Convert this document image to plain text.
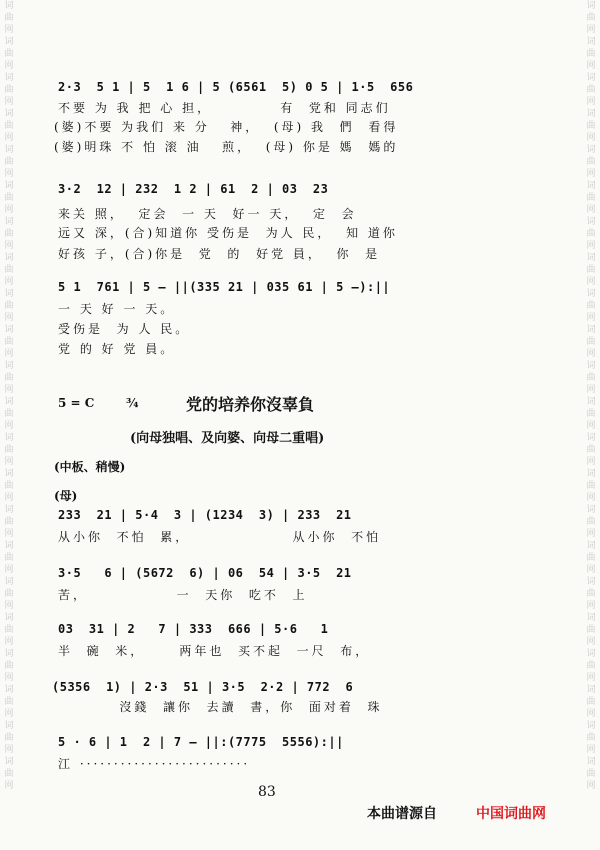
词
曲
网
词
曲
网
词
曲
网
词
曲
网
词
曲
网
词
曲
网
词
曲
网
词
曲
网
词
曲
网
词
曲
网
词
曲
网
词
曲
网
词
曲
网
词
曲
网
词
曲
网
词
曲
网
词
曲
网
词
曲
网
词
曲
网
词
曲
网
词
曲
网
词
曲
网
词
曲
网
词
曲
网
词
曲
网
词
曲
网
词
曲
网
词
曲
网
词
曲
网
词
曲
网
词
曲
网
词
曲
网
词
曲
网
词
曲
网
词
曲
网
词
曲
网
词
曲
网
词
曲
网
词
曲
网
词
曲
网
词
曲
网
词
曲
网
词
曲
网
词
曲
网
2·3  5 1 | 5  1 6 | 5 (6561  5) 0 5 | 1·5  656
不要 为 我 把 心 担，          有  党和 同志们
(婆)不要 为我们 来 分   神，  (母) 我  們  看得
(婆)明珠 不 怕 滚 油   煎，  (母) 你是 媽  媽的
3·2  12 | 232  1 2 | 61  2 | 03  23
来关 照，  定会  一 天  好一 天，  定  会
远又 深，(合)知道你 受伤是  为人 民，  知 道你
好孩 子，(合)你是  党  的  好党 員，  你  是
5 1  761 | 5 — ||(335 21 | 035 61 | 5 —):||
一 天 好 一 天。
受伤是  为 人 民。
党 的 好 党 員。
5 = C	¾	党的培养你沒辜負
(向母独唱、及向婆、向母二重唱)
(中板、稍慢)
(母)
233  21 | 5·4  3 | (1234  3) | 233  21
从小你  不怕  累，               从小你  不怕
3·5   6 | (5672  6) | 06  54 | 3·5  21
苦，             一  天你  吃不  上
03  31 | 2   7 | 333  666 | 5·6   1
半  碗  米，     两年也  买不起  一尺  布，
(5356  1) | 2·3  51 | 3·5  2·2 | 772  6
沒錢  讓你  去讀  書，你  面对着  珠
5 · 6 | 1  2 | 7 — ||:(7775  5556):||
江 ·························
83
本曲谱源自	中国词曲网
